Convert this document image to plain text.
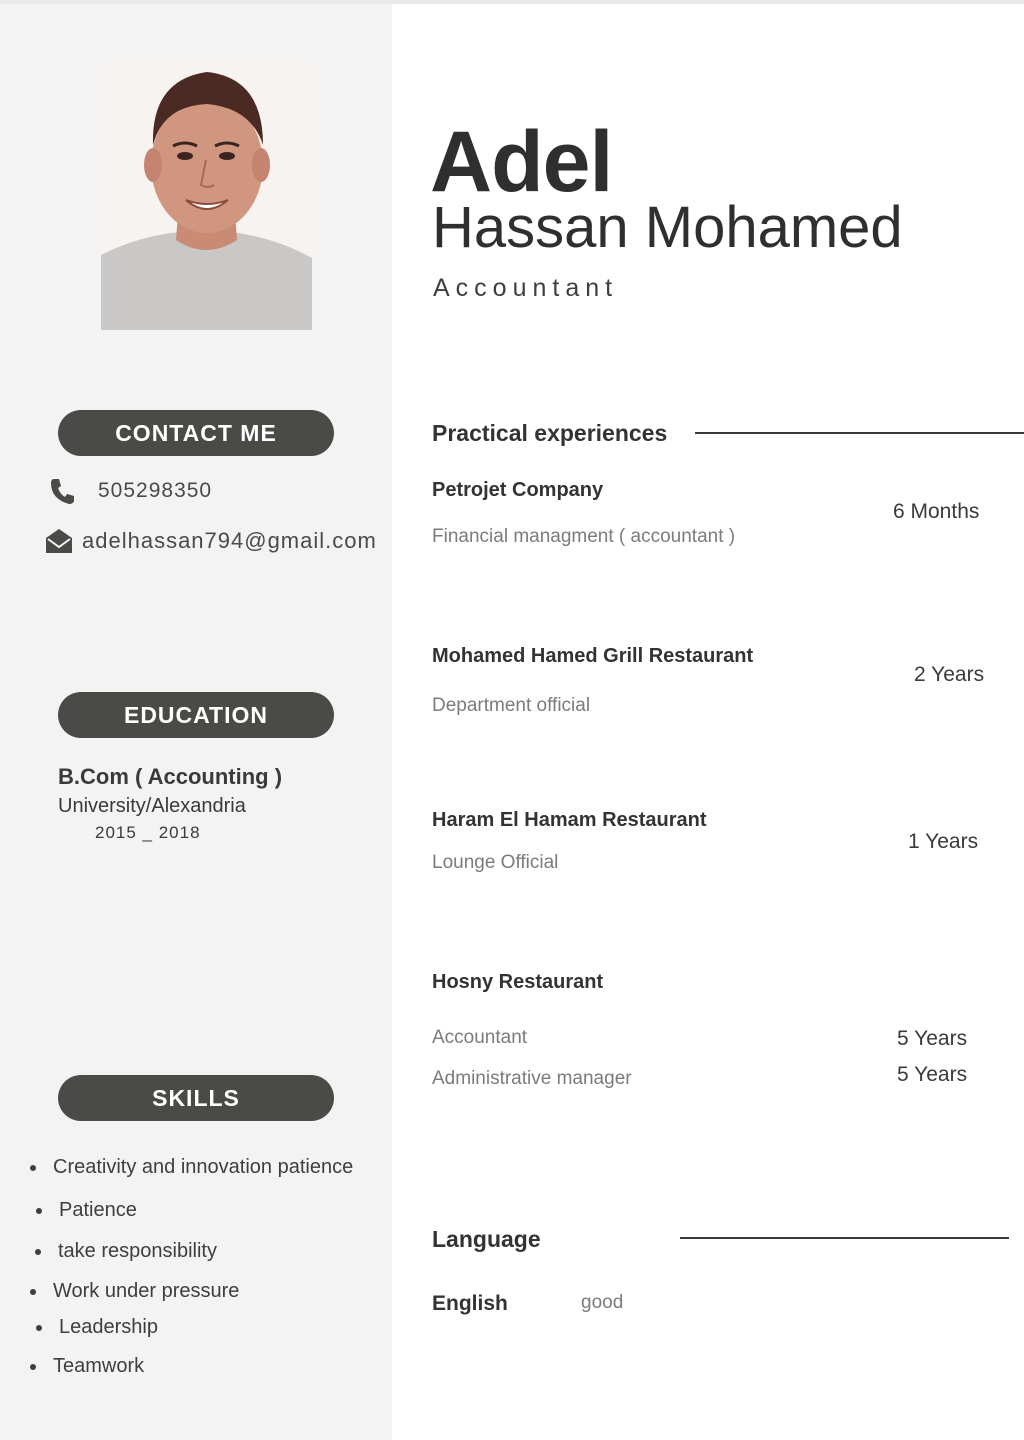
CONTACT ME
505298350
adelhassan794@gmail.com
EDUCATION
B.Com ( Accounting )
University/Alexandria
2015 _ 2018
SKILLS
Creativity and innovation patience
Patience
take responsibility
Work under pressure
Leadership
Teamwork
Adel
Hassan Mohamed
Accountant
Practical experiences
Petrojet Company
Financial managment ( accountant )
6 Months
Mohamed Hamed Grill Restaurant
Department official
2 Years
Haram El Hamam Restaurant
Lounge Official
1 Years
Hosny Restaurant
Accountant	5 Years
Administrative manager	5 Years
Language
English	good
